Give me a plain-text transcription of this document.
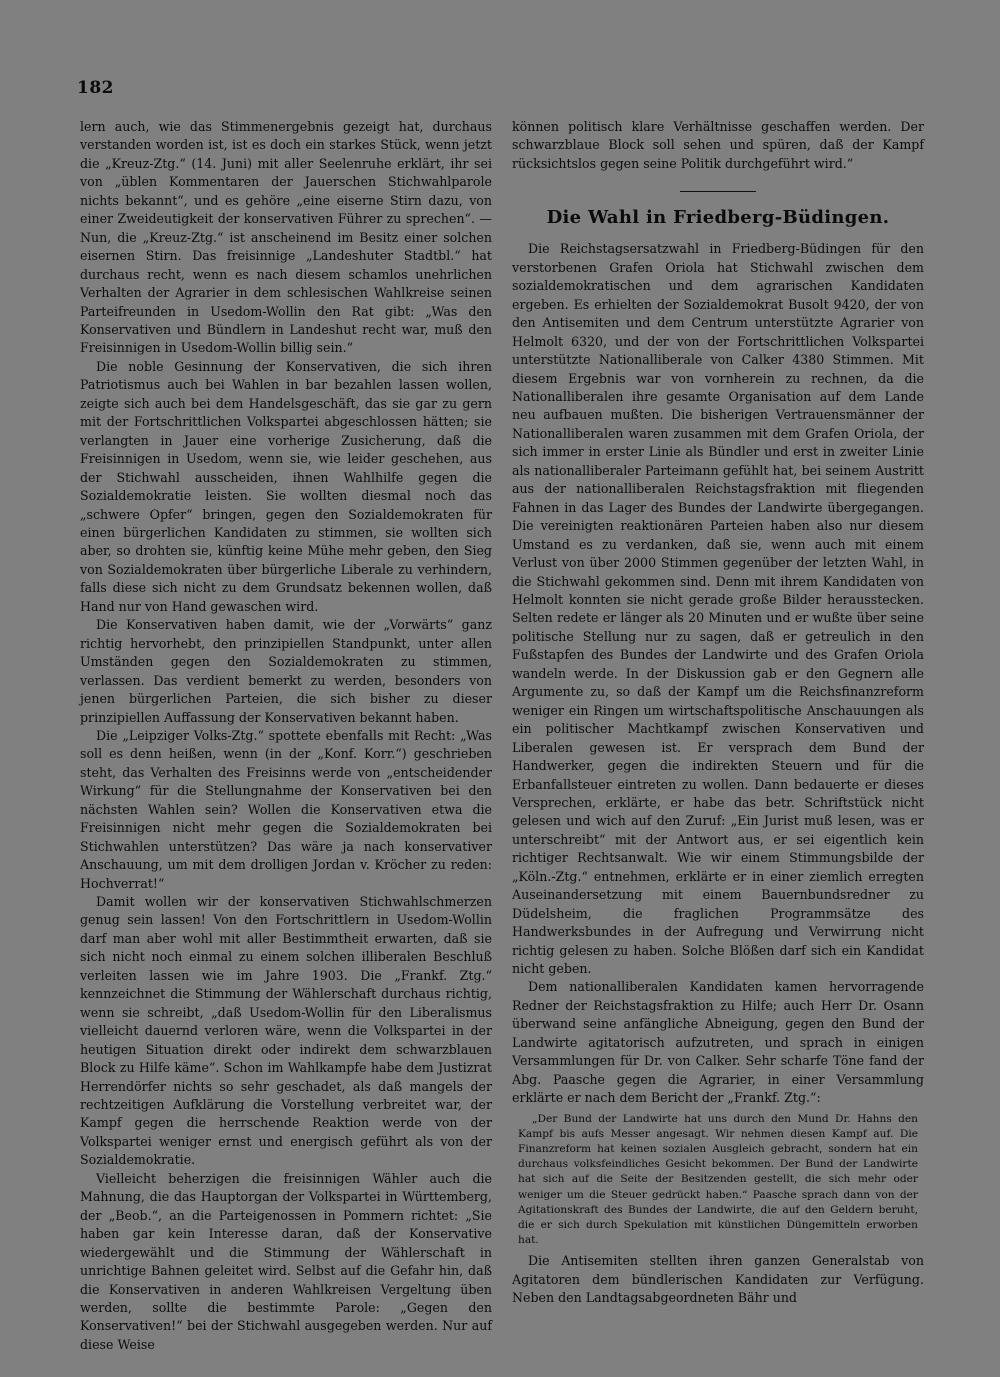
182

lern auch, wie das Stimmenergebnis gezeigt hat, durchaus verstanden worden ist, ist es doch ein starkes Stück, wenn jetzt die „Kreuz-Ztg.“ (14. Juni) mit aller Seelenruhe erklärt, ihr sei von „üblen Kommentaren der Jauerschen Stichwahlparole nichts bekannt“, und es gehöre „eine eiserne Stirn dazu, von einer Zweideutigkeit der konservativen Führer zu sprechen“. — Nun, die „Kreuz-Ztg.“ ist anscheinend im Besitz einer solchen eisernen Stirn. Das freisinnige „Landeshuter Stadtbl.“ hat durchaus recht, wenn es nach diesem schamlos unehrlichen Verhalten der Agrarier in dem schlesischen Wahlkreise seinen Parteifreunden in Usedom-Wollin den Rat gibt: „Was den Konservativen und Bündlern in Landeshut recht war, muß den Freisinnigen in Usedom-Wollin billig sein.“

Die noble Gesinnung der Konservativen, die sich ihren Patriotismus auch bei Wahlen in bar bezahlen lassen wollen, zeigte sich auch bei dem Handelsgeschäft, das sie gar zu gern mit der Fortschrittlichen Volkspartei abgeschlossen hätten; sie verlangten in Jauer eine vorherige Zusicherung, daß die Freisinnigen in Usedom, wenn sie, wie leider geschehen, aus der Stichwahl ausscheiden, ihnen Wahlhilfe gegen die Sozialdemokratie leisten. Sie wollten diesmal noch das „schwere Opfer“ bringen, gegen den Sozialdemokraten für einen bürgerlichen Kandidaten zu stimmen, sie wollten sich aber, so drohten sie, künftig keine Mühe mehr geben, den Sieg von Sozialdemokraten über bürgerliche Liberale zu verhindern, falls diese sich nicht zu dem Grundsatz bekennen wollen, daß Hand nur von Hand gewaschen wird.

Die Konservativen haben damit, wie der „Vorwärts“ ganz richtig hervorhebt, den prinzipiellen Standpunkt, unter allen Umständen gegen den Sozialdemokraten zu stimmen, verlassen. Das verdient bemerkt zu werden, besonders von jenen bürgerlichen Parteien, die sich bisher zu dieser prinzipiellen Auffassung der Konservativen bekannt haben.

Die „Leipziger Volks-Ztg.“ spottete ebenfalls mit Recht: „Was soll es denn heißen, wenn (in der „Konf. Korr.“) geschrieben steht, das Verhalten des Freisinns werde von „entscheidender Wirkung“ für die Stellungnahme der Konservativen bei den nächsten Wahlen sein? Wollen die Konservativen etwa die Freisinnigen nicht mehr gegen die Sozialdemokraten bei Stichwahlen unterstützen? Das wäre ja nach konservativer Anschauung, um mit dem drolligen Jordan v. Kröcher zu reden: Hochverrat!“

Damit wollen wir der konservativen Stichwahlschmerzen genug sein lassen! Von den Fortschrittlern in Usedom-Wollin darf man aber wohl mit aller Bestimmtheit erwarten, daß sie sich nicht noch einmal zu einem solchen illiberalen Beschluß verleiten lassen wie im Jahre 1903. Die „Frankf. Ztg.“ kennzeichnet die Stimmung der Wählerschaft durchaus richtig, wenn sie schreibt, „daß Usedom-Wollin für den Liberalismus vielleicht dauernd verloren wäre, wenn die Volkspartei in der heutigen Situation direkt oder indirekt dem schwarzblauen Block zu Hilfe käme“. Schon im Wahlkampfe habe dem Justizrat Herrendörfer nichts so sehr geschadet, als daß mangels der rechtzeitigen Aufklärung die Vorstellung verbreitet war, der Kampf gegen die herrschende Reaktion werde von der Volkspartei weniger ernst und energisch geführt als von der Sozialdemokratie.

Vielleicht beherzigen die freisinnigen Wähler auch die Mahnung, die das Hauptorgan der Volkspartei in Württemberg, der „Beob.“, an die Parteigenossen in Pommern richtet: „Sie haben gar kein Interesse daran, daß der Konservative wiedergewählt und die Stimmung der Wählerschaft in unrichtige Bahnen geleitet wird. Selbst auf die Gefahr hin, daß die Konservativen in anderen Wahlkreisen Vergeltung üben werden, sollte die bestimmte Parole: „Gegen den Konservativen!“ bei der Stichwahl ausgegeben werden. Nur auf diese Weise

können politisch klare Verhältnisse geschaffen werden. Der schwarzblaue Block soll sehen und spüren, daß der Kampf rücksichtslos gegen seine Politik durchgeführt wird.“

Die Wahl in Friedberg-Büdingen.

Die Reichstagsersatzwahl in Friedberg-Büdingen für den verstorbenen Grafen Oriola hat Stichwahl zwischen dem sozialdemokratischen und dem agrarischen Kandidaten ergeben. Es erhielten der Sozialdemokrat Busolt 9420, der von den Antisemiten und dem Centrum unterstützte Agrarier von Helmolt 6320, und der von der Fortschrittlichen Volkspartei unterstützte Nationalliberale von Calker 4380 Stimmen. Mit diesem Ergebnis war von vornherein zu rechnen, da die Nationalliberalen ihre gesamte Organisation auf dem Lande neu aufbauen mußten. Die bisherigen Vertrauensmänner der Nationalliberalen waren zusammen mit dem Grafen Oriola, der sich immer in erster Linie als Bündler und erst in zweiter Linie als nationalliberaler Parteimann gefühlt hat, bei seinem Austritt aus der nationalliberalen Reichstagsfraktion mit fliegenden Fahnen in das Lager des Bundes der Landwirte übergegangen. Die vereinigten reaktionären Parteien haben also nur diesem Umstand es zu verdanken, daß sie, wenn auch mit einem Verlust von über 2000 Stimmen gegenüber der letzten Wahl, in die Stichwahl gekommen sind. Denn mit ihrem Kandidaten von Helmolt konnten sie nicht gerade große Bilder herausstecken. Selten redete er länger als 20 Minuten und er wußte über seine politische Stellung nur zu sagen, daß er getreulich in den Fußstapfen des Bundes der Landwirte und des Grafen Oriola wandeln werde. In der Diskussion gab er den Gegnern alle Argumente zu, so daß der Kampf um die Reichsfinanzreform weniger ein Ringen um wirtschaftspolitische Anschauungen als ein politischer Machtkampf zwischen Konservativen und Liberalen gewesen ist. Er versprach dem Bund der Handwerker, gegen die indirekten Steuern und für die Erbanfallsteuer eintreten zu wollen. Dann bedauerte er dieses Versprechen, erklärte, er habe das betr. Schriftstück nicht gelesen und wich auf den Zuruf: „Ein Jurist muß lesen, was er unterschreibt“ mit der Antwort aus, er sei eigentlich kein richtiger Rechtsanwalt. Wie wir einem Stimmungsbilde der „Köln.-Ztg.“ entnehmen, erklärte er in einer ziemlich erregten Auseinandersetzung mit einem Bauernbundsredner zu Düdelsheim, die fraglichen Programmsätze des Handwerksbundes in der Aufregung und Verwirrung nicht richtig gelesen zu haben. Solche Blößen darf sich ein Kandidat nicht geben.

Dem nationalliberalen Kandidaten kamen hervorragende Redner der Reichstagsfraktion zu Hilfe; auch Herr Dr. Osann überwand seine anfängliche Abneigung, gegen den Bund der Landwirte agitatorisch aufzutreten, und sprach in einigen Versammlungen für Dr. von Calker. Sehr scharfe Töne fand der Abg. Paasche gegen die Agrarier, in einer Versammlung erklärte er nach dem Bericht der „Frankf. Ztg.“:

„Der Bund der Landwirte hat uns durch den Mund Dr. Hahns den Kampf bis aufs Messer angesagt. Wir nehmen diesen Kampf auf. Die Finanzreform hat keinen sozialen Ausgleich gebracht, sondern hat ein durchaus volksfeindliches Gesicht bekommen. Der Bund der Landwirte hat sich auf die Seite der Besitzenden gestellt, die sich mehr oder weniger um die Steuer gedrückt haben.“ Paasche sprach dann von der Agitationskraft des Bundes der Landwirte, die auf den Geldern beruht, die er sich durch Spekulation mit künstlichen Düngemitteln erworben hat.

Die Antisemiten stellten ihren ganzen Generalstab von Agitatoren dem bündlerischen Kandidaten zur Verfügung. Neben den Landtagsabgeordneten Bähr und
